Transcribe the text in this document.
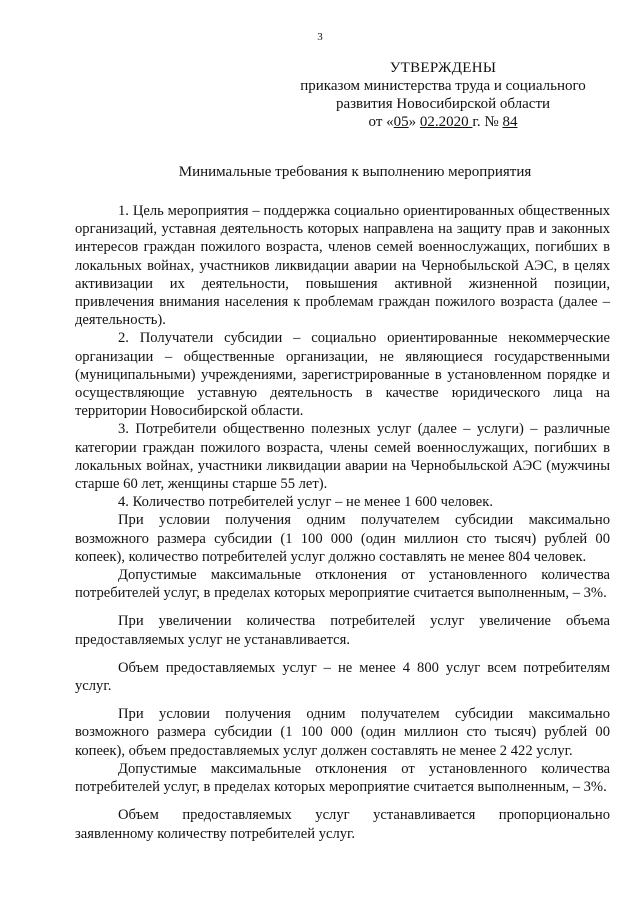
3
УТВЕРЖДЕНЫ
приказом министерства труда и социального
развития Новосибирской области
от «05» 02.2020 г. № 84
Минимальные требования к выполнению мероприятия

1. Цель мероприятия – поддержка социально ориентированных общественных организаций, уставная деятельность которых направлена на защиту прав и законных интересов граждан пожилого возраста, членов семей военнослужащих, погибших в локальных войнах, участников ликвидации аварии на Чернобыльской АЭС, в целях активизации их деятельности, повышения активной жизненной позиции, привлечения внимания населения к проблемам граждан пожилого возраста (далее – деятельность).

2. Получатели субсидии – социально ориентированные некоммерческие организации – общественные организации, не являющиеся государственными (муниципальными) учреждениями, зарегистрированные в установленном порядке и осуществляющие уставную деятельность в качестве юридического лица на территории Новосибирской области.

3. Потребители общественно полезных услуг (далее – услуги) – различные категории граждан пожилого возраста, члены семей военнослужащих, погибших в локальных войнах, участники ликвидации аварии на Чернобыльской АЭС (мужчины старше 60 лет, женщины старше 55 лет).

4. Количество потребителей услуг – не менее 1 600 человек.

При условии получения одним получателем субсидии максимально возможного размера субсидии (1 100 000 (один миллион сто тысяч) рублей 00 копеек), количество потребителей услуг должно составлять не менее 804 человек.

Допустимые максимальные отклонения от установленного количества потребителей услуг, в пределах которых мероприятие считается выполненным, – 3%.

При увеличении количества потребителей услуг увеличение объема предоставляемых услуг не устанавливается.

Объем предоставляемых услуг – не менее 4 800 услуг всем потребителям услуг.

При условии получения одним получателем субсидии максимально возможного размера субсидии (1 100 000 (один миллион сто тысяч) рублей 00 копеек), объем предоставляемых услуг должен составлять не менее 2 422 услуг.

Допустимые максимальные отклонения от установленного количества потребителей услуг, в пределах которых мероприятие считается выполненным, – 3%.

Объем предоставляемых услуг устанавливается пропорционально заявленному количеству потребителей услуг.
